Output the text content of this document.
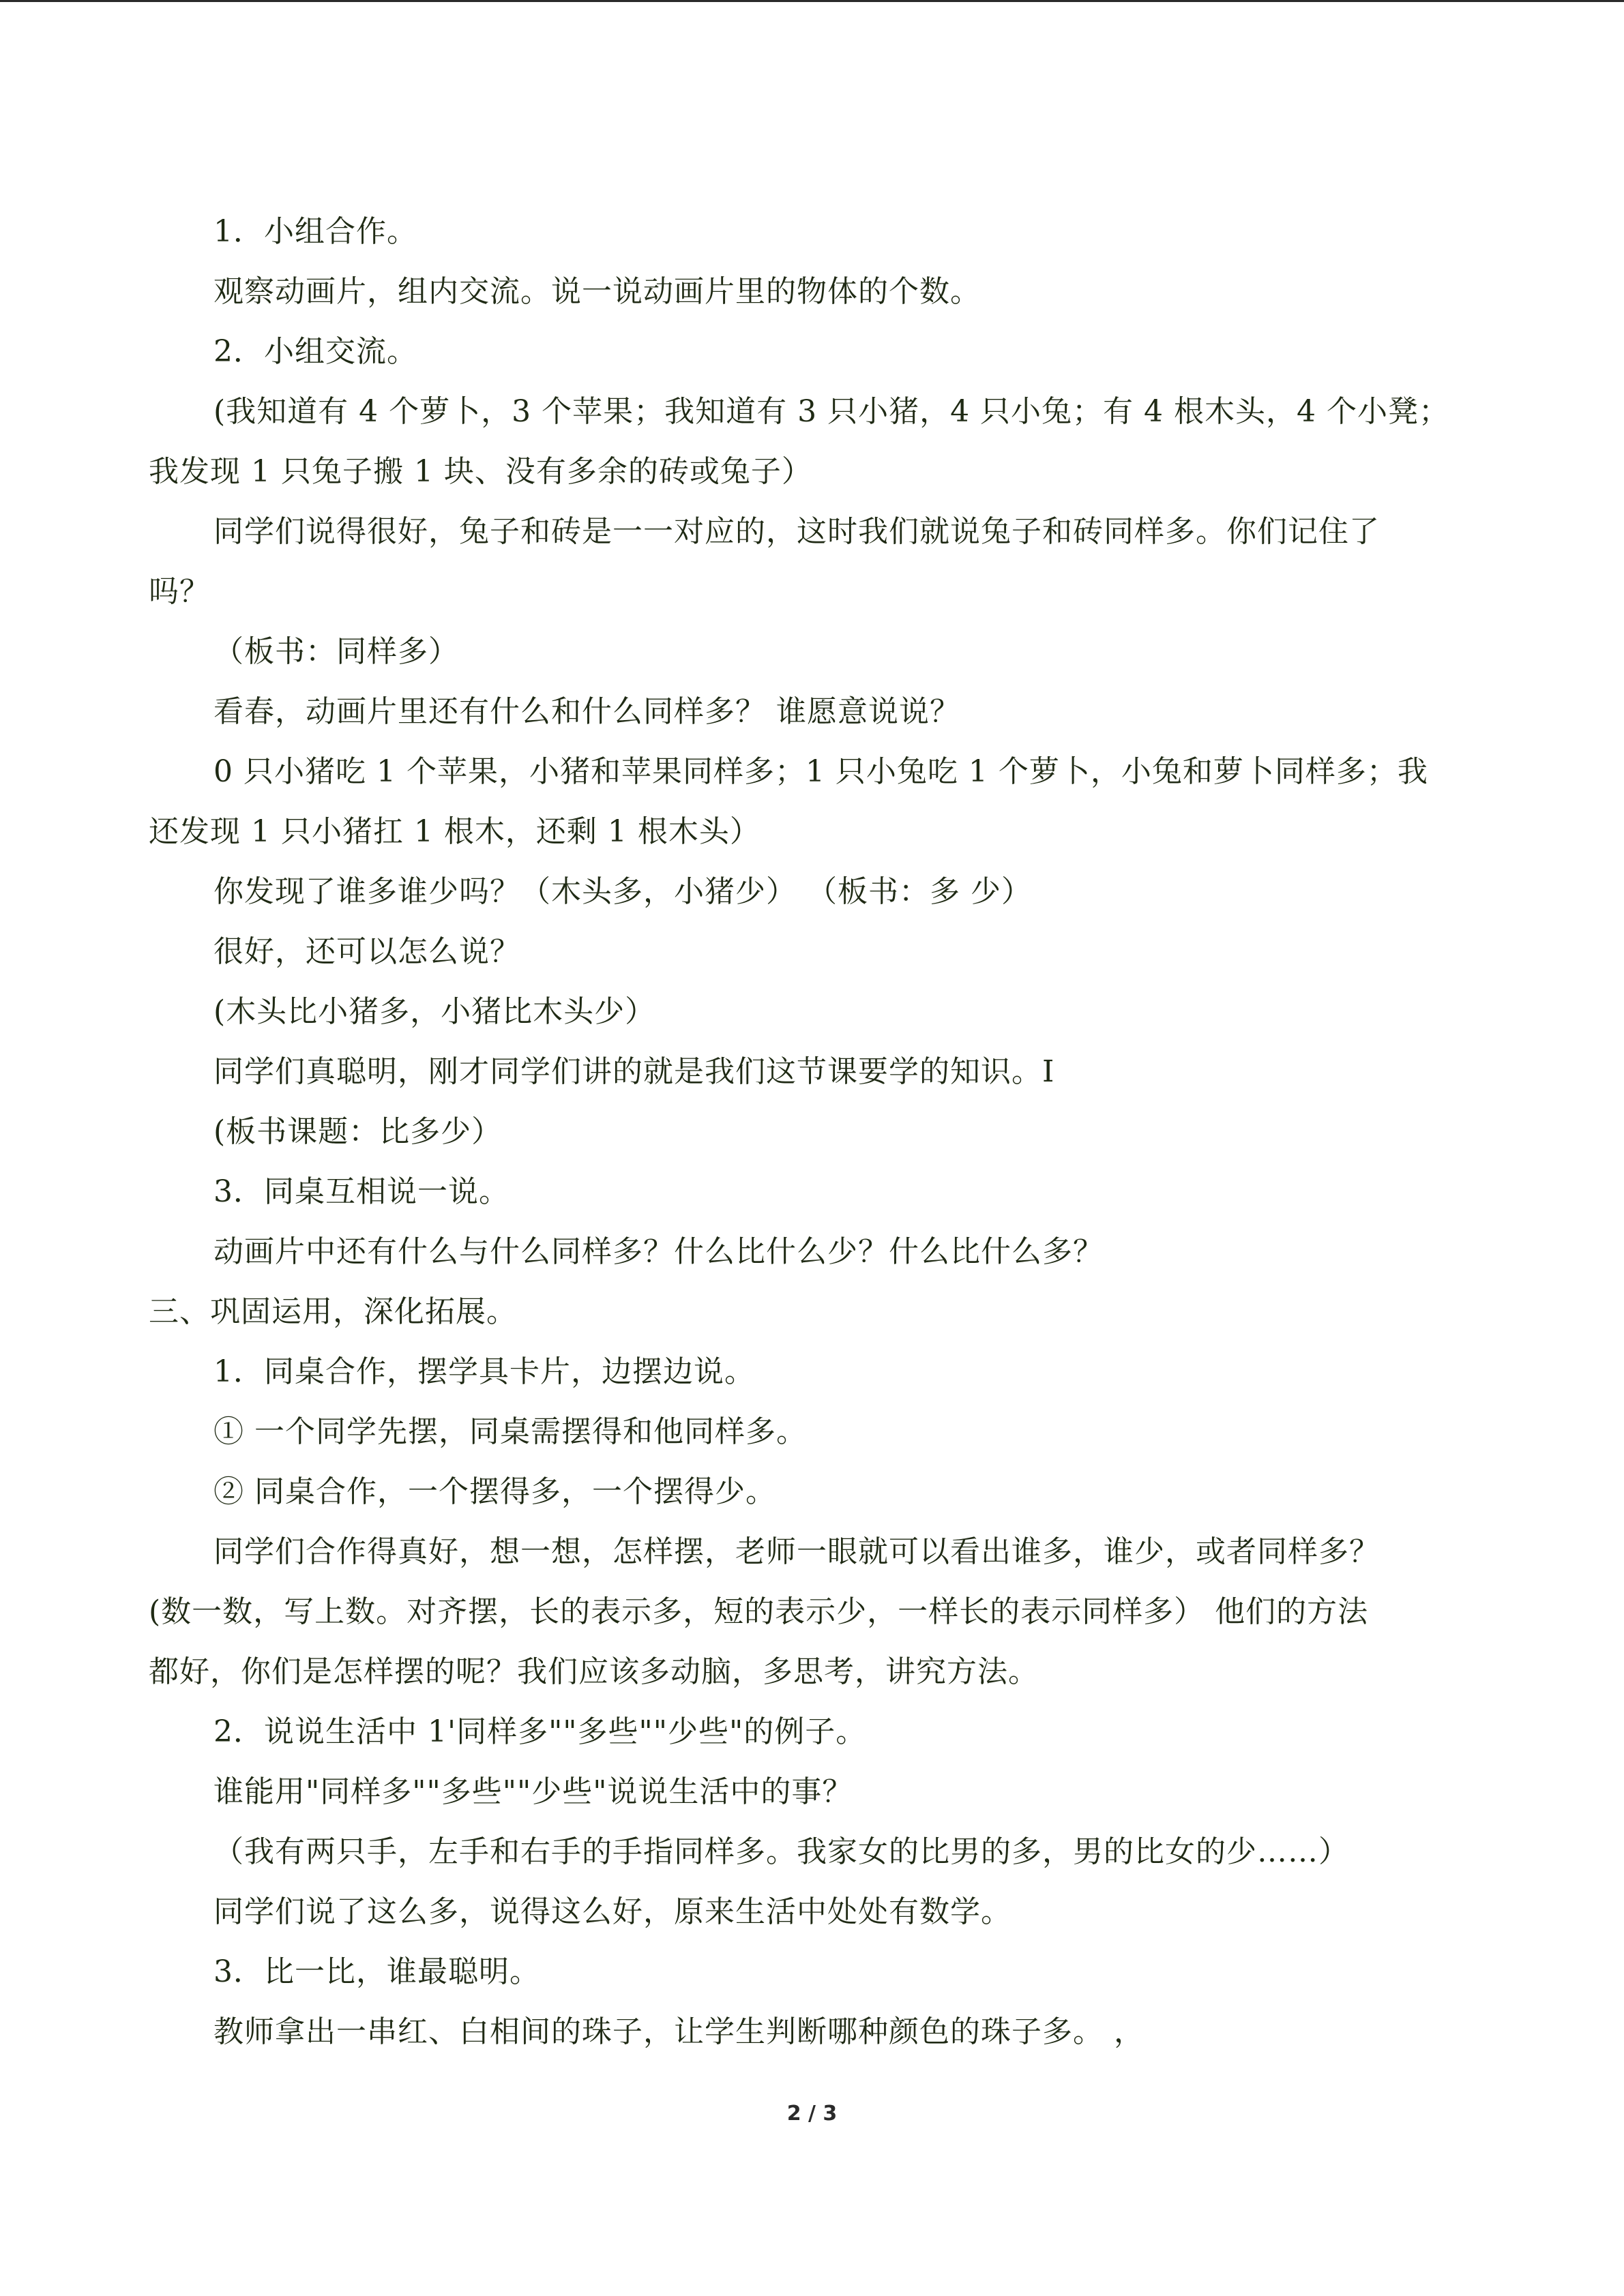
1．小组合作。
观察动画片，组内交流。说一说动画片里的物体的个数。
2．小组交流。
(我知道有 4 个萝卜，3 个苹果；我知道有 3 只小猪，4 只小兔；有 4 根木头，4 个小凳；
我发现 1 只兔子搬 1 块、没有多余的砖或兔子）
同学们说得很好，兔子和砖是一一对应的，这时我们就说兔子和砖同样多。你们记住了
吗？
（板书：同样多）
看春，动画片里还有什么和什么同样多？ 谁愿意说说？
0 只小猪吃 1 个苹果，小猪和苹果同样多；1 只小兔吃 1 个萝卜，小兔和萝卜同样多；我
还发现 1 只小猪扛 1 根木，还剩 1 根木头）
你发现了谁多谁少吗？（木头多，小猪少） （板书：多 少）
很好，还可以怎么说？
(木头比小猪多，小猪比木头少）
同学们真聪明，刚才同学们讲的就是我们这节课要学的知识。I
(板书课题：比多少）
3．同桌互相说一说。
动画片中还有什么与什么同样多？什么比什么少？什么比什么多？
三、巩固运用，深化拓展。
1．同桌合作，摆学具卡片，边摆边说。
① 一个同学先摆，同桌需摆得和他同样多。
② 同桌合作，一个摆得多，一个摆得少。
同学们合作得真好，想一想，怎样摆，老师一眼就可以看出谁多，谁少，或者同样多？
(数一数，写上数。对齐摆，长的表示多，短的表示少，一样长的表示同样多） 他们的方法
都好，你们是怎样摆的呢？我们应该多动脑，多思考，讲究方法。
2．说说生活中 1'同样多""多些""少些"的例子。
谁能用"同样多""多些""少些"说说生活中的事？
（我有两只手，左手和右手的手指同样多。我家女的比男的多，男的比女的少……）
同学们说了这么多，说得这么好，原来生活中处处有数学。
3．比一比，谁最聪明。
教师拿出一串红、白相间的珠子，让学生判断哪种颜色的珠子多。 ，
2 / 3
